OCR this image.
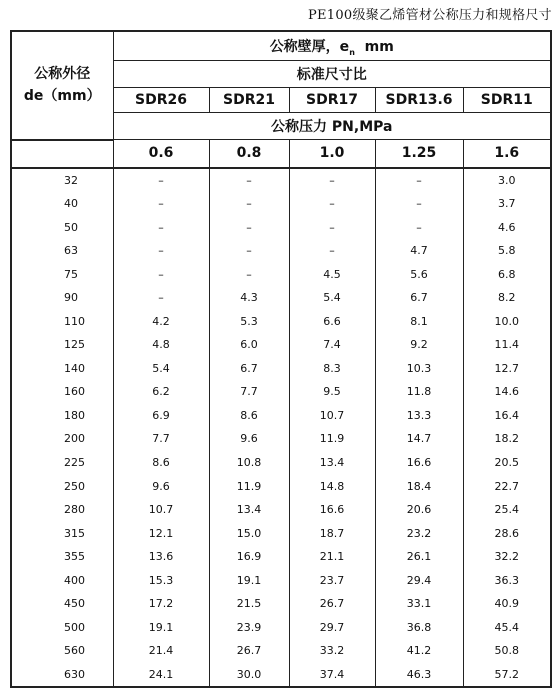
PE100级聚乙烯管材公称压力和规格尺寸
公称外径
de（mm）	公称壁厚，$e_n$  mm				
	标准尺寸比				
	SDR26	SDR21	SDR17	SDR13.6	SDR11
	公称压力 PN,MPa				
	0.6	0.8	1.0	1.25	1.6
32	–	–	–	–	3.0
40	–	–	–	–	3.7
50	–	–	–	–	4.6
63	–	–	–	4.7	5.8
75	–	–	4.5	5.6	6.8
90	–	4.3	5.4	6.7	8.2
110	4.2	5.3	6.6	8.1	10.0
125	4.8	6.0	7.4	9.2	11.4
140	5.4	6.7	8.3	10.3	12.7
160	6.2	7.7	9.5	11.8	14.6
180	6.9	8.6	10.7	13.3	16.4
200	7.7	9.6	11.9	14.7	18.2
225	8.6	10.8	13.4	16.6	20.5
250	9.6	11.9	14.8	18.4	22.7
280	10.7	13.4	16.6	20.6	25.4
315	12.1	15.0	18.7	23.2	28.6
355	13.6	16.9	21.1	26.1	32.2
400	15.3	19.1	23.7	29.4	36.3
450	17.2	21.5	26.7	33.1	40.9
500	19.1	23.9	29.7	36.8	45.4
560	21.4	26.7	33.2	41.2	50.8
630	24.1	30.0	37.4	46.3	57.2
